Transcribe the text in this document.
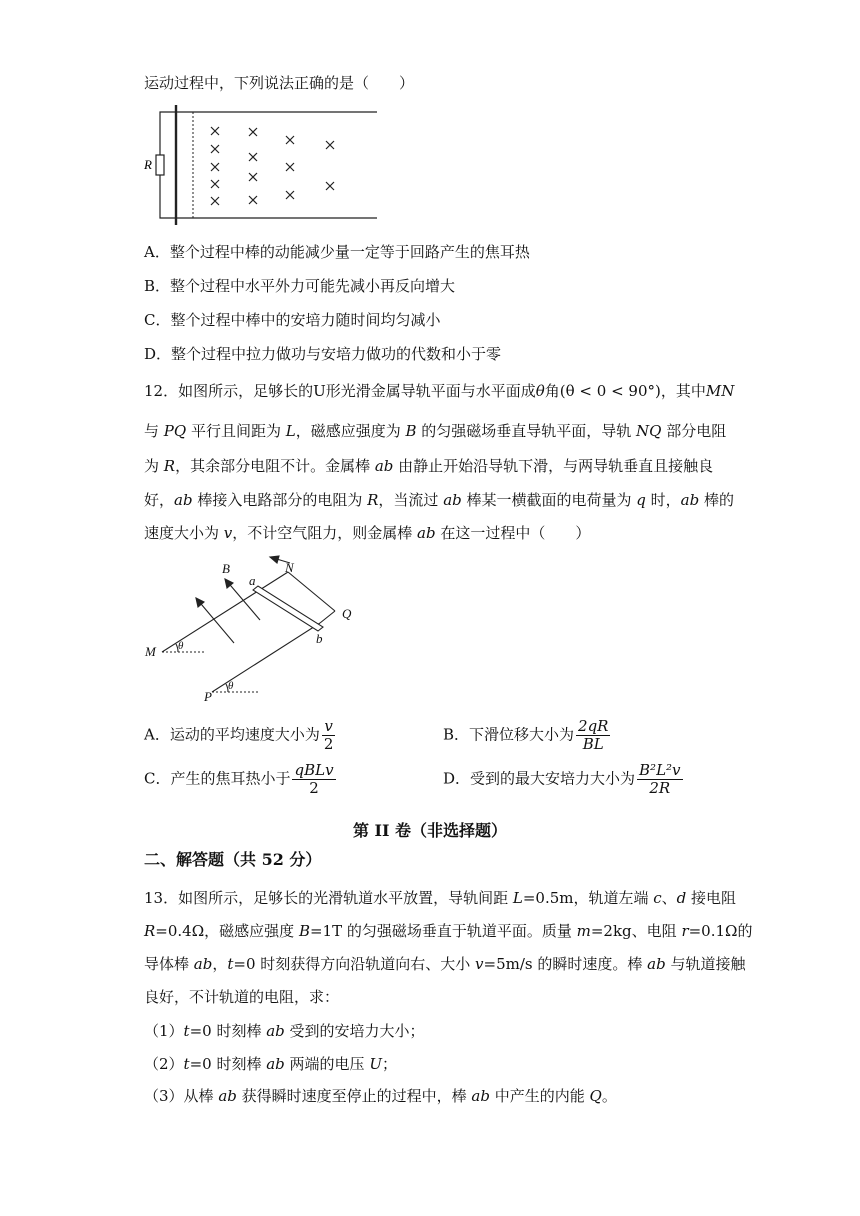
运动过程中，下列说法正确的是（　　）
R
A．整个过程中棒的动能减少量一定等于回路产生的焦耳热
B．整个过程中水平外力可能先减小再反向增大
C．整个过程中棒中的安培力随时间均匀减小
D．整个过程中拉力做功与安培力做功的代数和小于零
12．如图所示，足够长的U形光滑金属导轨平面与水平面成θ角(θ < 0 < 90°)，其中MN
与 PQ 平行且间距为 L，磁感应强度为 B 的匀强磁场垂直导轨平面，导轨 NQ 部分电阻
为 R，其余部分电阻不计。金属棒 ab 由静止开始沿导轨下滑，与两导轨垂直且接触良
好，ab 棒接入电路部分的电阻为 R，当流过 ab 棒某一横截面的电荷量为 q 时，ab 棒的
速度大小为 v，不计空气阻力，则金属棒 ab 在这一过程中（　　）
B
a
N
Q
M
b
P
θ
θ
A．运动的平均速度大小为 $\frac{v}{2}$	B．下滑位移大小为 $\frac{2qR}{BL}$
C．产生的焦耳热小于 $\frac{\text{qBLv}}{2}$	D．受到的最大安培力大小为 $\frac{\text{B²L²v}}{2R}$
第 II 卷（非选择题）
二、解答题（共 52 分）
13．如图所示，足够长的光滑轨道水平放置，导轨间距 L=0.5m，轨道左端 c、d 接电阻
R=0.4Ω，磁感应强度 B=1T 的匀强磁场垂直于轨道平面。质量 m=2kg、电阻 r=0.1Ω的
导体棒 ab，t=0 时刻获得方向沿轨道向右、大小 v=5m/s 的瞬时速度。棒 ab 与轨道接触
良好，不计轨道的电阻，求：
（1）t=0 时刻棒 ab 受到的安培力大小；
（2）t=0 时刻棒 ab 两端的电压 U；
（3）从棒 ab 获得瞬时速度至停止的过程中，棒 ab 中产生的内能 Q。
